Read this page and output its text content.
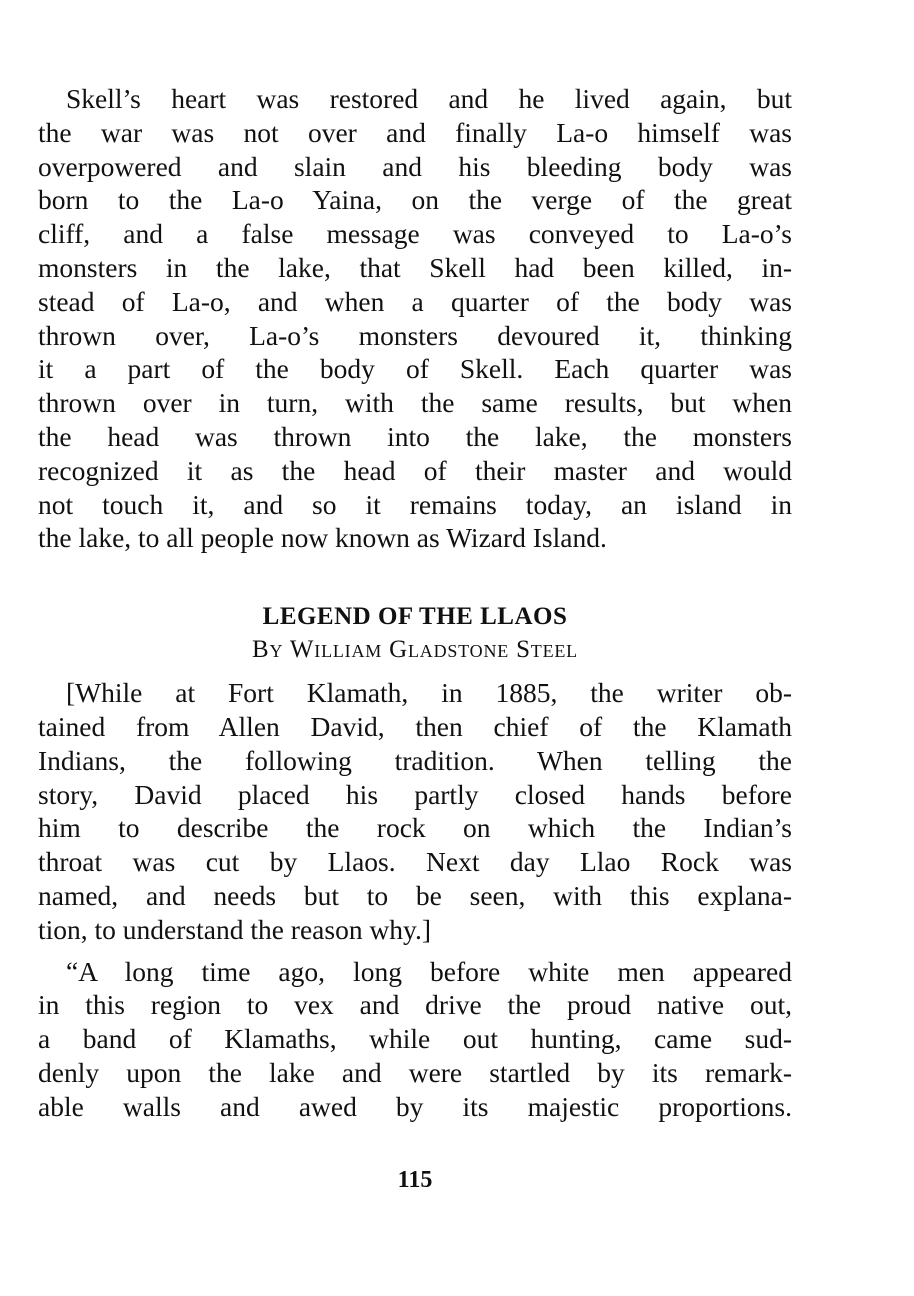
Skell’s heart was restored and he lived again, but
the war was not over and finally La-o himself was
overpowered and slain and his bleeding body was
born to the La-o Yaina, on the verge of the great
cliff, and a false message was conveyed to La-o’s
monsters in the lake, that Skell had been killed, in-
stead of La-o, and when a quarter of the body was
thrown over, La-o’s monsters devoured it, thinking
it a part of the body of Skell. Each quarter was
thrown over in turn, with the same results, but when
the head was thrown into the lake, the monsters
recognized it as the head of their master and would
not touch it, and so it remains today, an island in
the lake, to all people now known as Wizard Island.
LEGEND OF THE LLAOS
By William Gladstone Steel
[While at Fort Klamath, in 1885, the writer ob-
tained from Allen David, then chief of the Klamath
Indians, the following tradition. When telling the
story, David placed his partly closed hands before
him to describe the rock on which the Indian’s
throat was cut by Llaos. Next day Llao Rock was
named, and needs but to be seen, with this explana-
tion, to understand the reason why.]
“A long time ago, long before white men appeared
in this region to vex and drive the proud native out,
a band of Klamaths, while out hunting, came sud-
denly upon the lake and were startled by its remark-
able walls and awed by its majestic proportions.
115
